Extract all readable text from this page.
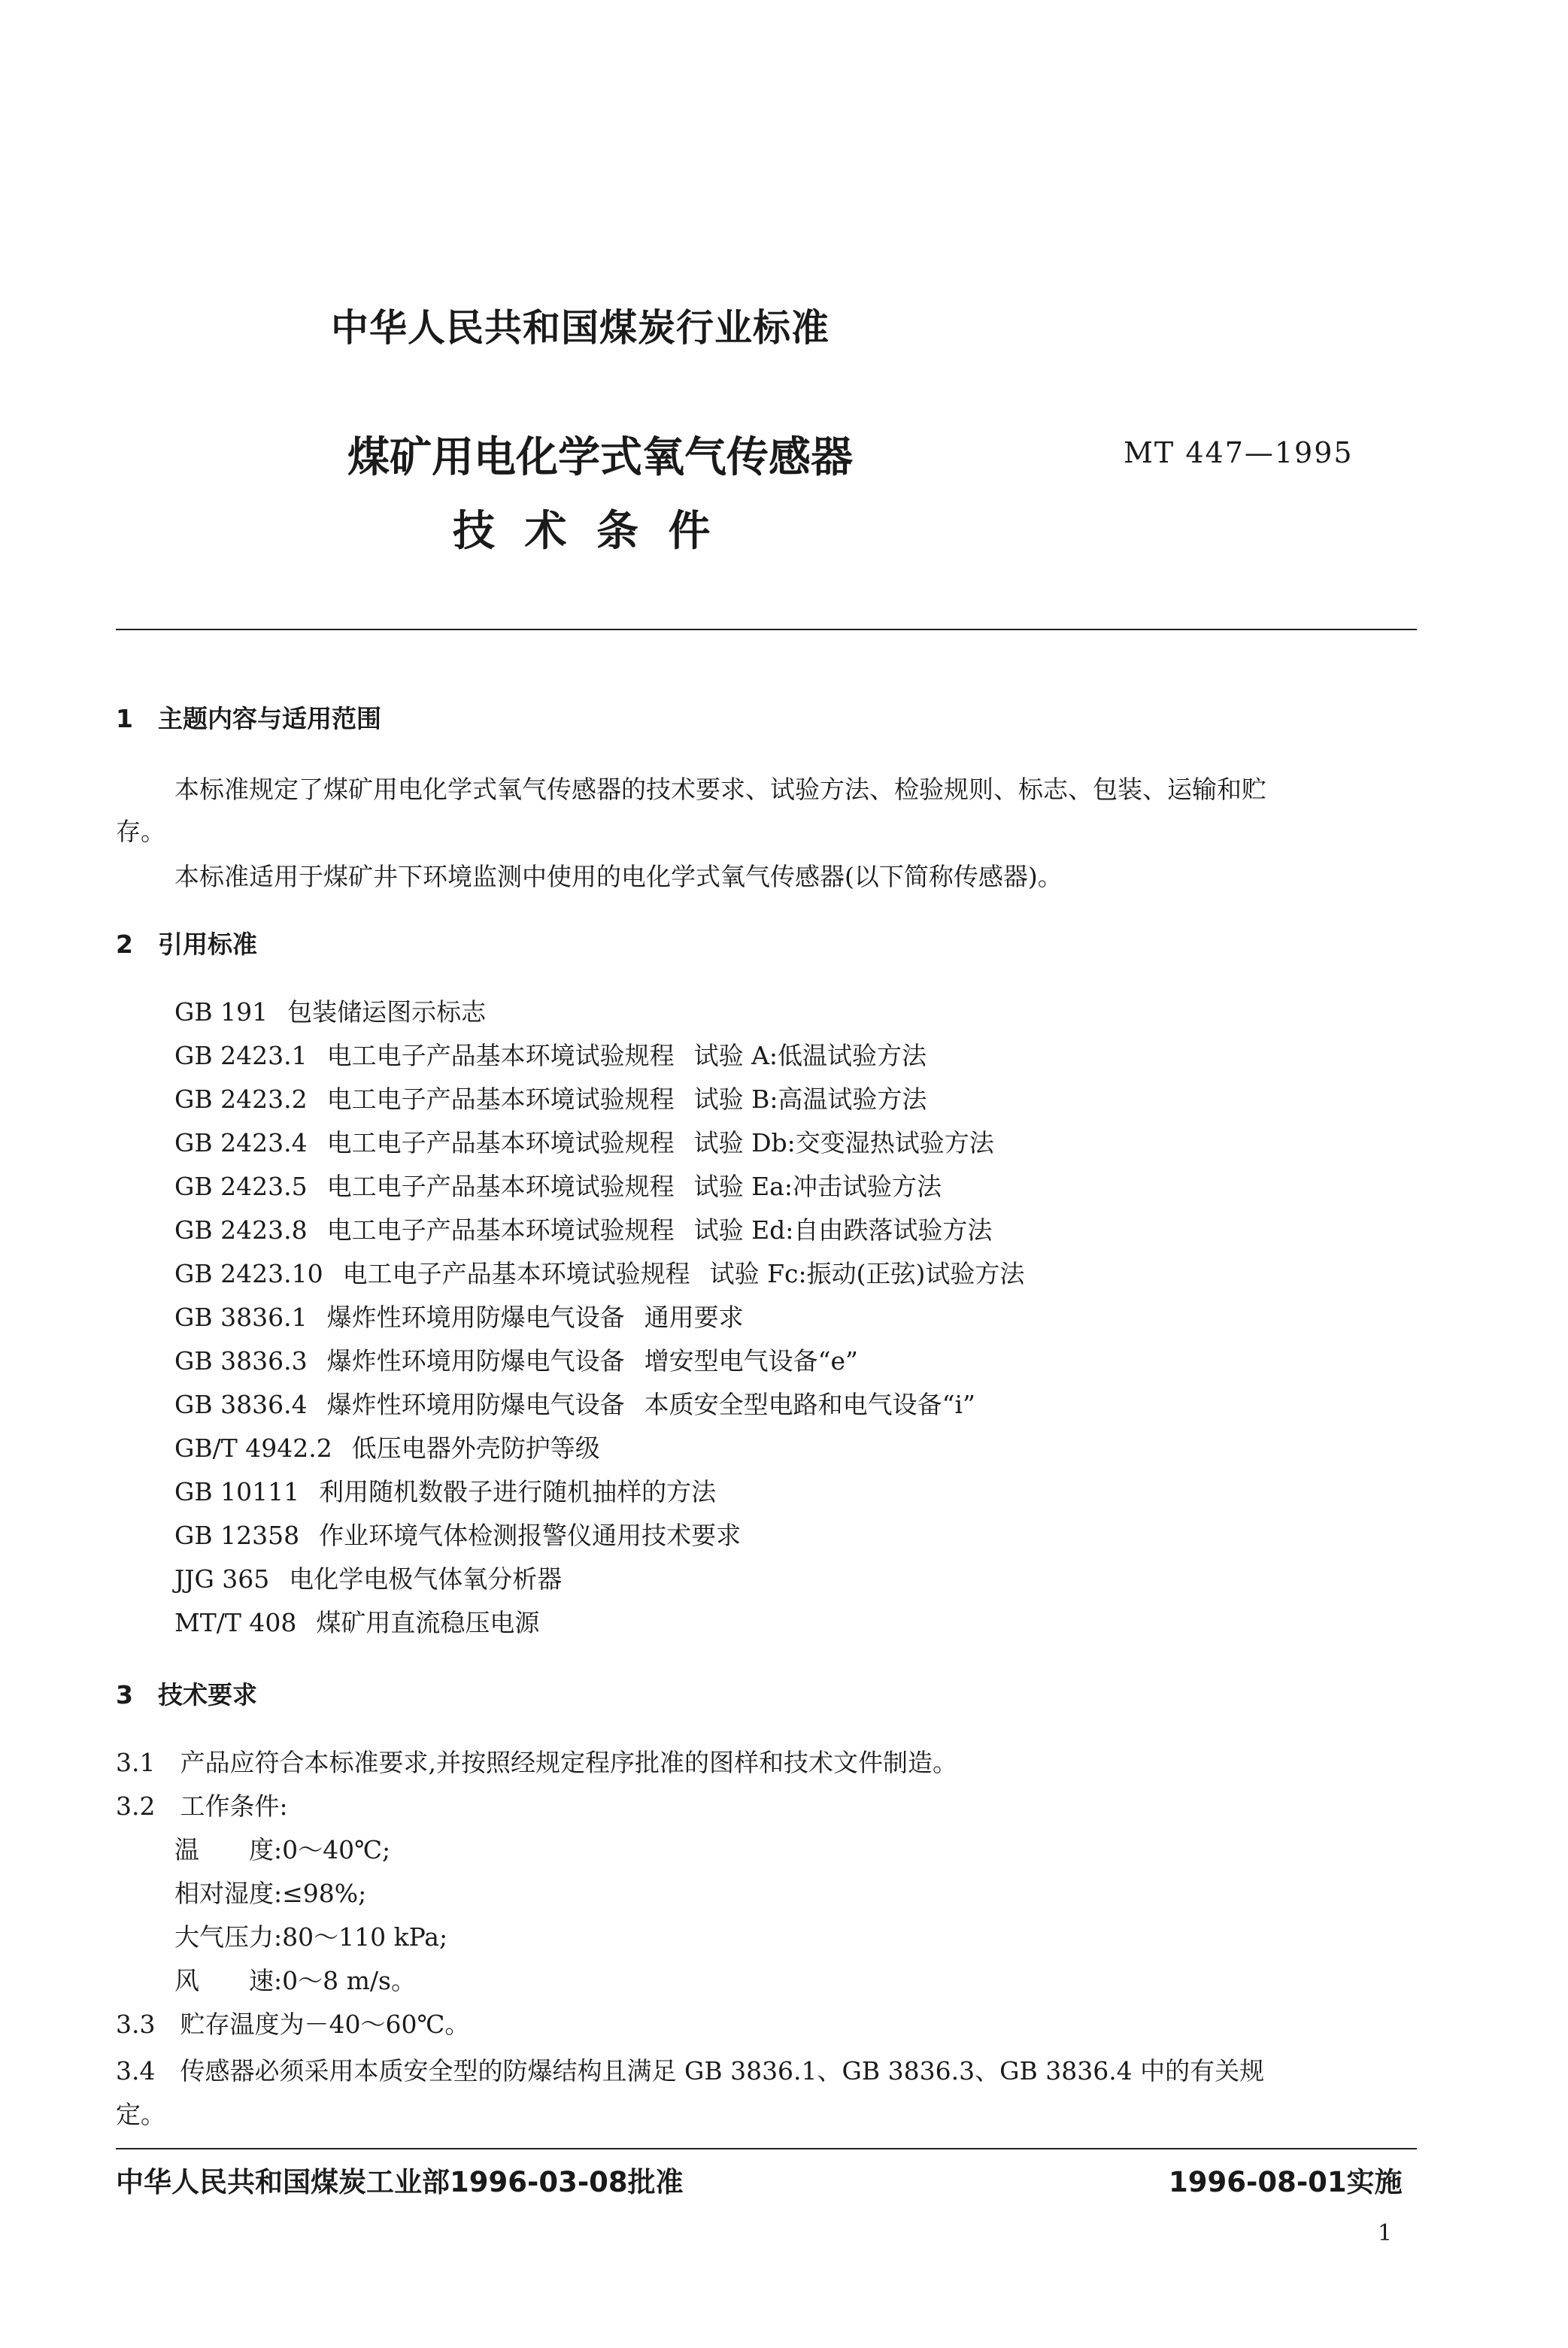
中华人民共和国煤炭行业标准
煤矿用电化学式氧气传感器	MT 447—1995
技 术 条 件
1　主题内容与适用范围
本标准规定了煤矿用电化学式氧气传感器的技术要求、试验方法、检验规则、标志、包装、运输和贮
存。
本标准适用于煤矿井下环境监测中使用的电化学式氧气传感器(以下简称传感器)。
2　引用标准
GB 191 包装储运图示标志
GB 2423.1 电工电子产品基本环境试验规程 试验 A:低温试验方法
GB 2423.2 电工电子产品基本环境试验规程 试验 B:高温试验方法
GB 2423.4 电工电子产品基本环境试验规程 试验 Db:交变湿热试验方法
GB 2423.5 电工电子产品基本环境试验规程 试验 Ea:冲击试验方法
GB 2423.8 电工电子产品基本环境试验规程 试验 Ed:自由跌落试验方法
GB 2423.10 电工电子产品基本环境试验规程 试验 Fc:振动(正弦)试验方法
GB 3836.1 爆炸性环境用防爆电气设备 通用要求
GB 3836.3 爆炸性环境用防爆电气设备 增安型电气设备“e”
GB 3836.4 爆炸性环境用防爆电气设备 本质安全型电路和电气设备“i”
GB/T 4942.2 低压电器外壳防护等级
GB 10111 利用随机数骰子进行随机抽样的方法
GB 12358 作业环境气体检测报警仪通用技术要求
JJG 365 电化学电极气体氧分析器
MT/T 408 煤矿用直流稳压电源
3　技术要求
3.1　产品应符合本标准要求,并按照经规定程序批准的图样和技术文件制造。
3.2　工作条件:
温　　度:0～40℃;
相对湿度:≤98%;
大气压力:80～110 kPa;
风　　速:0～8 m/s。
3.3　贮存温度为－40～60℃。
3.4　传感器必须采用本质安全型的防爆结构且满足 GB 3836.1、GB 3836.3、GB 3836.4 中的有关规
定。
中华人民共和国煤炭工业部1996-03-08批准	1996-08-01实施
1
